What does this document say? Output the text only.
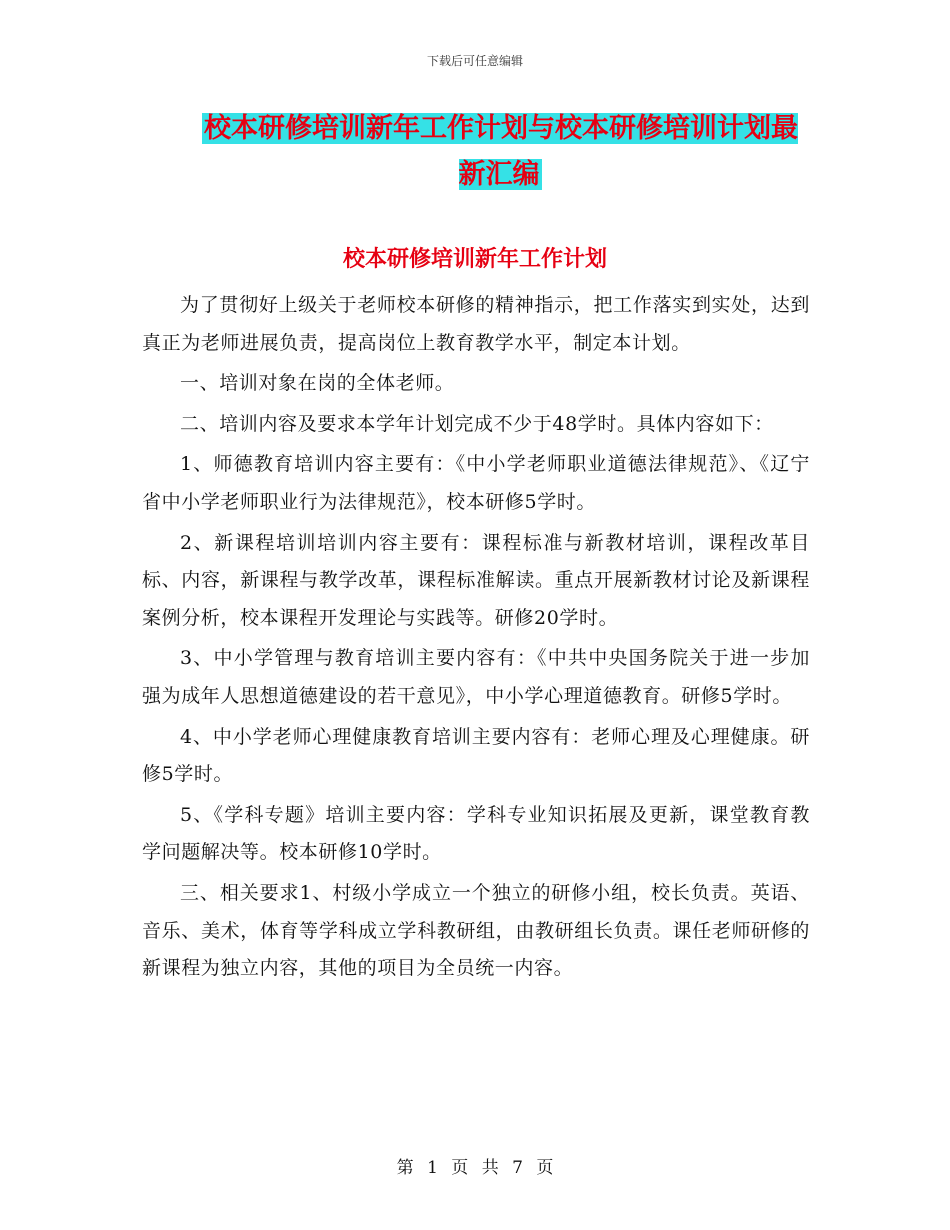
下载后可任意编辑
校本研修培训新年工作计划与校本研修培训计划最新汇编
校本研修培训新年工作计划

为了贯彻好上级关于老师校本研修的精神指示，把工作落实到实处，达到真正为老师进展负责，提高岗位上教育教学水平，制定本计划。

一、培训对象在岗的全体老师。

二、培训内容及要求本学年计划完成不少于48学时。具体内容如下：

1、师德教育培训内容主要有：《中小学老师职业道德法律规范》、《辽宁省中小学老师职业行为法律规范》，校本研修5学时。

2、新课程培训培训内容主要有：课程标准与新教材培训，课程改革目标、内容，新课程与教学改革，课程标准解读。重点开展新教材讨论及新课程案例分析，校本课程开发理论与实践等。研修20学时。

3、中小学管理与教育培训主要内容有：《中共中央国务院关于进一步加强为成年人思想道德建设的若干意见》，中小学心理道德教育。研修5学时。

4、中小学老师心理健康教育培训主要内容有：老师心理及心理健康。研修5学时。

5、《学科专题》培训主要内容：学科专业知识拓展及更新，课堂教育教学问题解决等。校本研修10学时。

三、相关要求1、村级小学成立一个独立的研修小组，校长负责。英语、音乐、美术，体育等学科成立学科教研组，由教研组长负责。课任老师研修的新课程为独立内容，其他的项目为全员统一内容。

第 1 页 共 7 页
